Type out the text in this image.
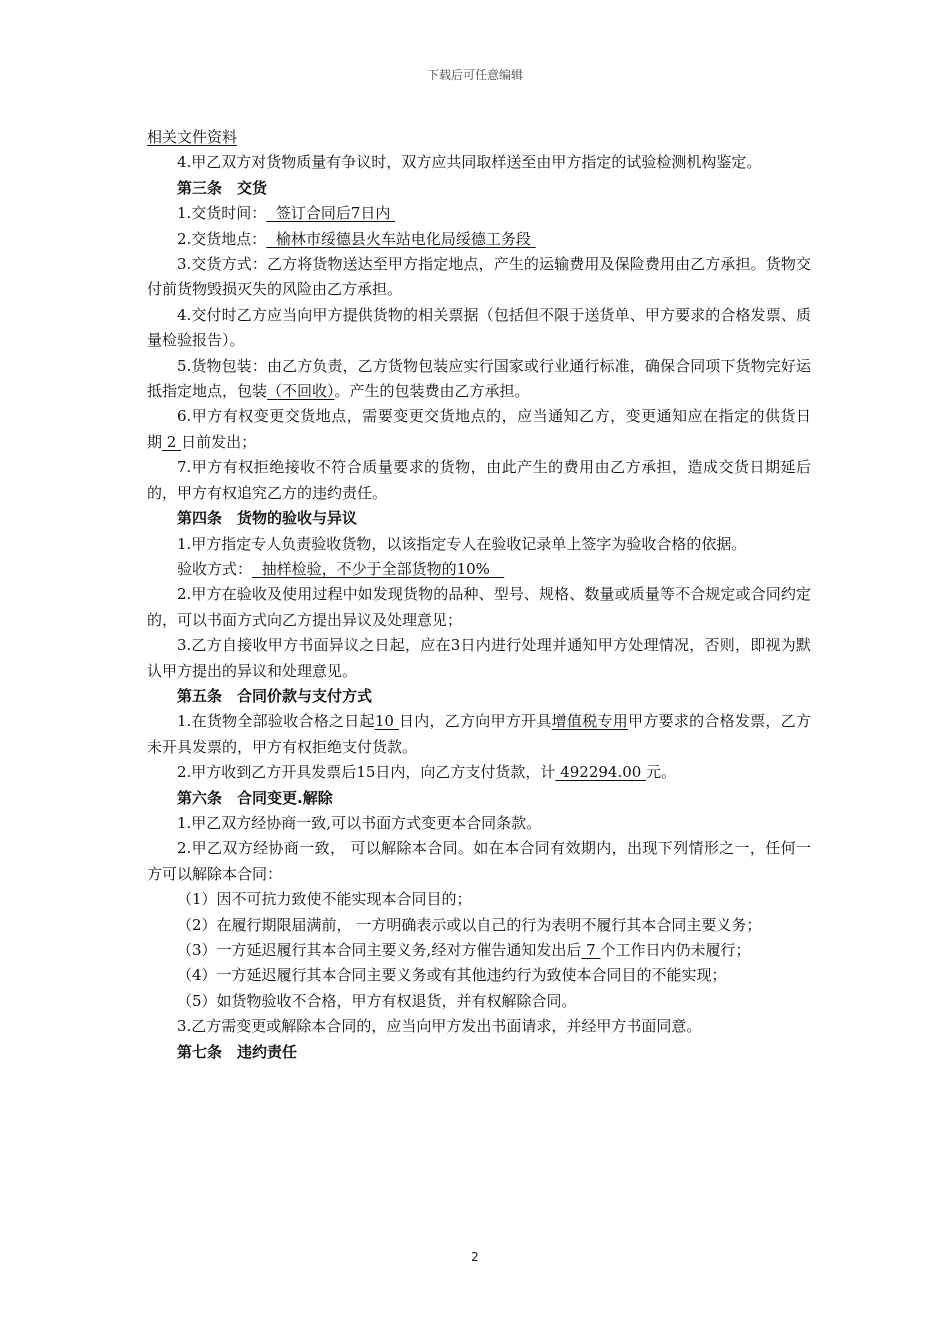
下载后可任意编辑

相关文件资料

4.甲乙双方对货物质量有争议时，双方应共同取样送至由甲方指定的试验检测机构鉴定。

第三条 交货

1.交货时间： 签订合同后7日内

2.交货地点： 榆林市绥德县火车站电化局绥德工务段

3.交货方式：乙方将货物送达至甲方指定地点，产生的运输费用及保险费用由乙方承担。货物交付前货物毁损灭失的风险由乙方承担。

4.交付时乙方应当向甲方提供货物的相关票据（包括但不限于送货单、甲方要求的合格发票、质量检验报告）。

5.货物包装：由乙方负责，乙方货物包装应实行国家或行业通行标准，确保合同项下货物完好运抵指定地点，包装（不回收）。产生的包装费由乙方承担。

6.甲方有权变更交货地点，需要变更交货地点的，应当通知乙方，变更通知应在指定的供货日期 2 日前发出；

7.甲方有权拒绝接收不符合质量要求的货物，由此产生的费用由乙方承担，造成交货日期延后的，甲方有权追究乙方的违约责任。

第四条 货物的验收与异议

1.甲方指定专人负责验收货物，以该指定专人在验收记录单上签字为验收合格的依据。

验收方式： 抽样检验，不少于全部货物的10%

2.甲方在验收及使用过程中如发现货物的品种、型号、规格、数量或质量等不合规定或合同约定的，可以书面方式向乙方提出异议及处理意见；

3.乙方自接收甲方书面异议之日起，应在3日内进行处理并通知甲方处理情况，否则，即视为默认甲方提出的异议和处理意见。

第五条 合同价款与支付方式

1.在货物全部验收合格之日起10 日内，乙方向甲方开具增值税专用甲方要求的合格发票，乙方未开具发票的，甲方有权拒绝支付货款。

2.甲方收到乙方开具发票后15日内，向乙方支付货款，计 492294.00 元。

第六条 合同变更.解除

1.甲乙双方经协商一致,可以书面方式变更本合同条款。

2.甲乙双方经协商一致， 可以解除本合同。如在本合同有效期内，出现下列情形之一，任何一方可以解除本合同：

（1）因不可抗力致使不能实现本合同目的；

（2）在履行期限届满前， 一方明确表示或以自己的行为表明不履行其本合同主要义务；

（3）一方延迟履行其本合同主要义务,经对方催告通知发出后 7 个工作日内仍未履行；

（4）一方延迟履行其本合同主要义务或有其他违约行为致使本合同目的不能实现；

（5）如货物验收不合格，甲方有权退货，并有权解除合同。

3.乙方需变更或解除本合同的，应当向甲方发出书面请求，并经甲方书面同意。

第七条 违约责任

2
